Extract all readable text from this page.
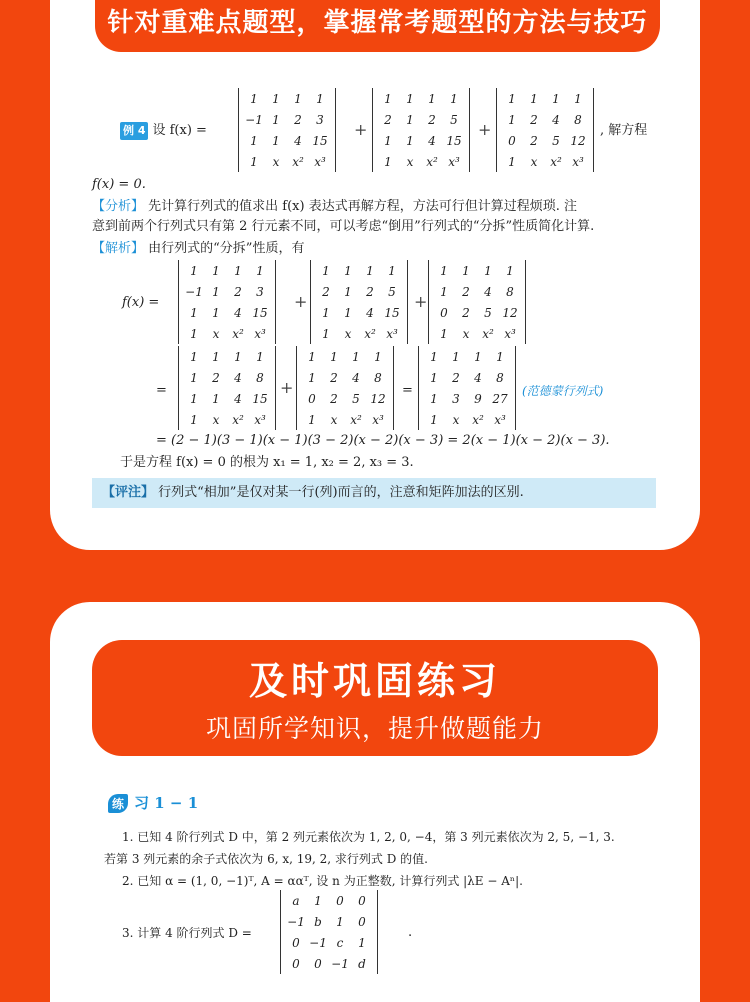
针对重难点题型，掌握常考题型的方法与技巧
例 4 设 f(x) =
1	1	1	1
−1	1	2	3
1	1	4	15
1	x	x²	x³
+
1	1	1	1
2	1	2	5
1	1	4	15
1	x	x²	x³
+
1	1	1	1
1	2	4	8
0	2	5	12
1	x	x²	x³
, 解方程
f(x) = 0.
【分析】 先计算行列式的值求出 f(x) 表达式再解方程，方法可行但计算过程烦琐. 注
意到前两个行列式只有第 2 行元素不同，可以考虑“倒用”行列式的“分拆”性质简化计算.
【解析】 由行列式的“分拆”性质，有
f(x) =
1	1	1	1
−1	1	2	3
1	1	4	15
1	x	x²	x³
+
1	1	1	1
2	1	2	5
1	1	4	15
1	x	x²	x³
+
1	1	1	1
1	2	4	8
0	2	5	12
1	x	x²	x³
=
1	1	1	1
1	2	4	8
1	1	4	15
1	x	x²	x³
+
1	1	1	1
1	2	4	8
0	2	5	12
1	x	x²	x³
=
1	1	1	1
1	2	4	8
1	3	9	27
1	x	x²	x³
(范德蒙行列式)
= (2 − 1)(3 − 1)(x − 1)(3 − 2)(x − 2)(x − 3) = 2(x − 1)(x − 2)(x − 3).
于是方程 f(x) = 0 的根为 x₁ = 1, x₂ = 2, x₃ = 3.
【评注】 行列式“相加”是仅对某一行(列)而言的，注意和矩阵加法的区别.
及时巩固练习
巩固所学知识，提升做题能力
练 习 1 − 1
1. 已知 4 阶行列式 D 中，第 2 列元素依次为 1, 2, 0, −4，第 3 列元素依次为 2, 5, −1, 3.
若第 3 列元素的余子式依次为 6, x, 19, 2, 求行列式 D 的值.
2. 已知 α = (1, 0, −1)ᵀ, A = ααᵀ, 设 n 为正整数, 计算行列式 |λE − Aⁿ|.
3. 计算 4 阶行列式 D =
a	1	0	0
−1	b	1	0
0	−1	c	1
0	0	−1	d
.
